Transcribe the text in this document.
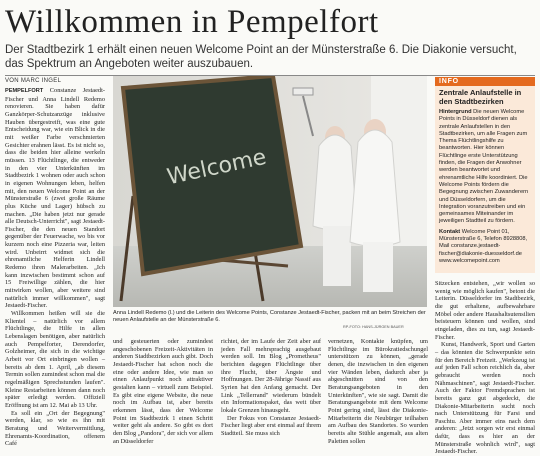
Willkommen in Pempelfort
Der Stadtbezirk 1 erhält einen neuen Welcome Point an der Münsterstraße 6. Die Diakonie versucht, das Spektrum an Angeboten weiter auszubauen.
VON MARC INGEL

PEMPELFORT Constanze Jestaedt-Fischer und Anna Lindell Redemo renovieren. Sie haben dafür Ganzkörper-Schutzanzüge inklusive Hauben übergestreift, was eine gute Entscheidung war, wie ein Blick in die mit weißer Farbe verschmierten Gesichter erahnen lässt. Es ist nicht so, dass die beiden hier alleine werkeln müssen. 13 Flüchtlinge, die entweder in den vier Unterkünften im Stadtbezirk 1 wohnen oder auch schon in eigenen Wohnungen leben, helfen mit, den neuen Welcome Point an der Münsterstraße 6 (zwei große Räume plus Küche und Lager) hübsch zu machen. „Die haben jetzt nur gerade alle Deutsch-Unterricht", sagt Jestaedt-Fischer, die den neuen Standort gegenüber der Feuerwache, wo bis vor kurzem noch eine Pizzeria war, leiten wird. Unbeirrt widmet sich die ehrenamtliche Helferin Lindell Redemo ihren Malerarbeiten. „Ich kann inzwischen bestimmt schon auf 15 Freiwillige zählen, die hier mitwirken wollen, aber weitere sind natürlich immer willkommen", sagt Jestaedt-Fischer.

Willkommen heißen will sie die Klientel – natürlich vor allem Flüchtlinge, die Hilfe in allen Lebenslagen benötigen, aber natürlich auch Pempelforter, Derendorfer, Golzheimer, die sich in die wichtige Arbeit vor Ort einbringen wollen – bereits ab dem 1. April, „ab diesem Termin sollen zumindest schon mal die regelmäßigen Sprechstunden laufen". Kleine Restarbeiten können dann noch später erledigt werden. Offiziell Eröffnung ist am 12. Mai ab 13 Uhr.

Es soll ein „Ort der Begegnung" werden, klar, so wie es ihn mit Beratung und Weitervermittlung, Ehrenamts-Koordination, offenem Café

Welcome
Anna Lindell Redemo (l.) und die Leiterin des Welcome Points, Constanze Jestaedt-Fischer, packen mit an beim Streichen der neuen Anlaufstelle an der Münsterstraße 6.
RP-FOTO: HANS-JÜRGEN BAUER

und gesteuerten oder zumindest angeschobenen Freizeit-Aktivitäten in anderen Stadtbezirken auch gibt. Doch Jestaedt-Fischer hat schon noch die eine oder andere Idee, wie man so einen Anlaufpunkt noch attraktiver gestalten kann – virtuell zum Beispiel. Es gibt eine eigene Website, die neue noch im Aufbau ist, aber bereits erkennen lässt, dass der Welcome Point im Stadtbezirk 1 einen Schritt weiter geht als andere. So gibt es dort den Blog „Pandora", der sich vor allem an Düsseldorfer

richtet, der im Laufe der Zeit aber auf jeden Fall mehrsprachig ausgebaut werden soll. Im Blog „Prometheus" berichten dagegen Flüchtlinge über ihre Flucht, über Ängste und Hoffnungen. Der 28-Jährige Nassif aus Syrien hat den Anfang gemacht. Der Link „Tellerrand" wiederum bündelt ein Informationspaket, das weit über lokale Grenzen hinausgeht.

Der Fokus von Constanze Jestaedt-Fischer liegt aber erst einmal auf ihrem Stadtteil. Sie muss sich

vernetzen, Kontakte knüpfen, um Flüchtlinge im Bürokratiedschungel unterstützen zu können, „gerade denen, die inzwischen in den eigenen vier Wänden leben, dadurch aber ja abgeschnitten sind von den Beratungsangeboten in den Unterkünften", wie sie sagt. Damit die Beratungsangebote mit dem Welcome Point gering sind, lässt die Diakonie-Mitarbeiterin die Neubürger teilhaben am Aufbau des Standortes. So wurden bereits alte Stühle angemalt, aus alten Paletten sollen

INFO
Zentrale Anlaufstelle in den Stadtbezirken
Hintergrund Die neuen Welcome Points in Düsseldorf dienen als zentrale Anlaufstellen in den Stadtbezirken, um alle Fragen zum Thema Flüchtlingshilfe zu beantworten. Hier können Flüchtlinge erste Unterstützung finden, die Fragen der Anwohner werden beantwortet und ehrenamtliche Hilfe koordiniert. Die Welcome Points fördern die Begegnung zwischen Zuwanderern und Düsseldorfern, um die Integration voranzutreiben und ein gemeinsames Miteinander im jeweiligen Stadtteil zu fördern.
Kontakt Welcome Point 01, Münsterstraße 6, Telefon 8928808, Mail constanze.jestaedt-fischer@diakonie-duesseldorf.de www.welcomepoint.com

Sitzecken entstehen, „wir wollen so wenig wie möglich kaufen", betont die Leiterin. Düsseldorfer im Stadtbezirk, die gut erhaltene, aufbewahrbare Möbel oder andere Haushaltsutensilien beisteuern können und wollen, sind eingeladen, dies zu tun, sagt Jestaedt-Fischer.

Kunst, Handwerk, Sport und Garten – das könnten die Schwerpunkte sein für den Bereich Freizeit. „Werkzeug ist auf jeden Fall schon reichlich da, aber gebraucht werden noch Nähmaschinen", sagt Jestaedt-Fischer. Auch der Faktor Fremdsprachen ist bereits ganz gut abgedeckt, die Diakonie-Mitarbeiterin sucht noch nach Unterstützung für Farsi und Paschtu. Aber immer eins nach dem anderen: „Jetzt sorgen wir erst einmal dafür, dass es hier an der Münsterstraße wohnlich wird", sagt Jestaedt-Fischer.
